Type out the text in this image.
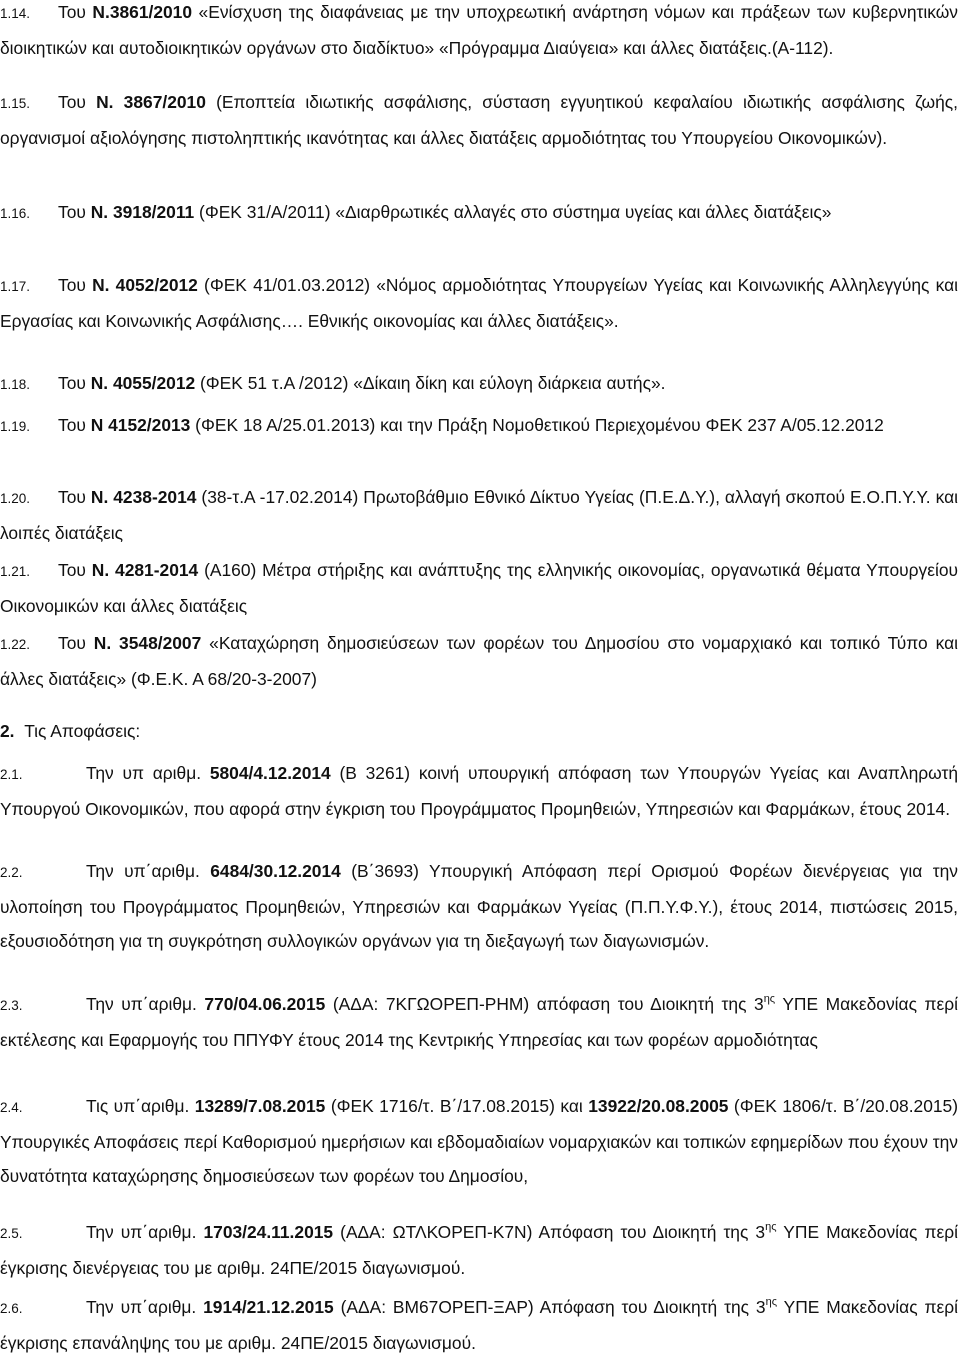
1.14. Του Ν.3861/2010 «Ενίσχυση της διαφάνειας με την υποχρεωτική ανάρτηση νόμων και πράξεων των κυβερνητικών διοικητικών και αυτοδιοικητικών οργάνων στο διαδίκτυο» «Πρόγραμμα Διαύγεια» και άλλες διατάξεις.(Α-112).
1.15. Του Ν. 3867/2010 (Εποπτεία ιδιωτικής ασφάλισης, σύσταση εγγυητικού κεφαλαίου ιδιωτικής ασφάλισης ζωής, οργανισμοί αξιολόγησης πιστοληπτικής ικανότητας και άλλες διατάξεις αρμοδιότητας του Υπουργείου Οικονομικών).
1.16. Του Ν. 3918/2011 (ΦΕΚ 31/Α/2011) «Διαρθρωτικές αλλαγές στο σύστημα υγείας και άλλες διατάξεις»
1.17. Του Ν. 4052/2012 (ΦΕΚ 41/01.03.2012) «Νόμος αρμοδιότητας Υπουργείων Υγείας και Κοινωνικής Αλληλεγγύης και Εργασίας και Κοινωνικής Ασφάλισης…. Εθνικής οικονομίας και άλλες διατάξεις».
1.18. Του Ν. 4055/2012 (ΦΕΚ 51 τ.Α /2012) «Δίκαιη δίκη και εύλογη διάρκεια αυτής».
1.19. Του Ν 4152/2013 (ΦΕΚ 18 Α/25.01.2013) και την Πράξη Νομοθετικού Περιεχομένου ΦΕΚ 237 Α/05.12.2012
1.20. Του Ν. 4238-2014 (38-τ.Α -17.02.2014) Πρωτοβάθμιο Εθνικό Δίκτυο Υγείας (Π.Ε.Δ.Υ.), αλλαγή σκοπού Ε.Ο.Π.Υ.Υ. και λοιπές διατάξεις
1.21. Του Ν. 4281-2014 (Α160) Μέτρα στήριξης και ανάπτυξης της ελληνικής οικονομίας, οργανωτικά θέματα Υπουργείου Οικονομικών και άλλες διατάξεις
1.22. Του Ν. 3548/2007 «Καταχώρηση δημοσιεύσεων των φορέων του Δημοσίου στο νομαρχιακό και τοπικό Τύπο και άλλες διατάξεις» (Φ.Ε.Κ. Α 68/20-3-2007)
2. Τις Αποφάσεις:
2.1.	Την υπ αριθμ. 5804/4.12.2014 (Β 3261) κοινή υπουργική απόφαση των Υπουργών Υγείας και Αναπληρωτή Υπουργού Οικονομικών, που αφορά στην έγκριση του Προγράμματος Προμηθειών, Υπηρεσιών και Φαρμάκων, έτους 2014.
2.2.	Την υπ΄αριθμ. 6484/30.12.2014 (Β΄3693) Υπουργική Απόφαση περί Ορισμού Φορέων διενέργειας για την υλοποίηση του Προγράμματος Προμηθειών, Υπηρεσιών και Φαρμάκων Υγείας (Π.Π.Υ.Φ.Υ.), έτους 2014, πιστώσεις 2015, εξουσιοδότηση για τη συγκρότηση συλλογικών οργάνων για τη διεξαγωγή των διαγωνισμών.
2.3.	Την υπ΄αριθμ. 770/04.06.2015 (ΑΔΑ: 7ΚΓΩΟΡΕΠ-ΡΗΜ) απόφαση του Διοικητή της $3^{\eta\varsigma}$ ΥΠΕ Μακεδονίας περί εκτέλεσης και Εφαρμογής του ΠΠΥΦΥ έτους 2014 της Κεντρικής Υπηρεσίας και των φορέων αρμοδιότητας
2.4.	Τις υπ΄αριθμ. 13289/7.08.2015 (ΦΕΚ 1716/τ. Β΄/17.08.2015) και 13922/20.08.2005 (ΦΕΚ 1806/τ. Β΄/20.08.2015) Υπουργικές Αποφάσεις περί Καθορισμού ημερήσιων και εβδομαδιαίων νομαρχιακών και τοπικών εφημερίδων που έχουν την δυνατότητα καταχώρησης δημοσιεύσεων των φορέων του Δημοσίου,
2.5.	Την υπ΄αριθμ. 1703/24.11.2015 (ΑΔΑ: ΩΤΛΚΟΡΕΠ-Κ7Ν) Απόφαση του Διοικητή της $3^{\eta\varsigma}$ ΥΠΕ Μακεδονίας περί έγκρισης διενέργειας του με αριθμ. 24ΠΕ/2015 διαγωνισμού.
2.6.	Την υπ΄αριθμ. 1914/21.12.2015 (ΑΔΑ: ΒΜ67ΟΡΕΠ-ΞΑΡ) Απόφαση του Διοικητή της $3^{\eta\varsigma}$ ΥΠΕ Μακεδονίας περί έγκρισης επανάληψης του με αριθμ. 24ΠΕ/2015 διαγωνισμού.
